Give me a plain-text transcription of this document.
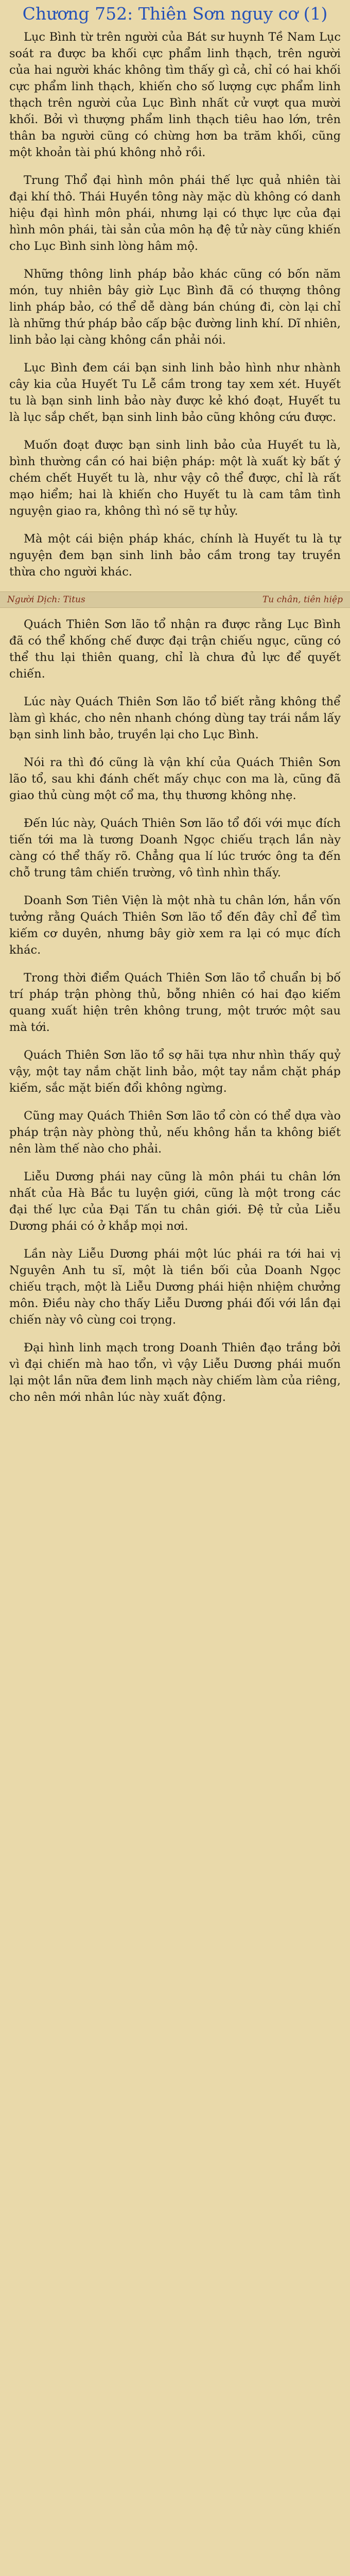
Chương 752: Thiên Sơn nguy cơ (1)

Lục Bình từ trên người của Bát sư huynh Tề Nam Lục soát ra được ba khối cực phẩm linh thạch, trên người của hai người khác không tìm thấy gì cả, chỉ có hai khối cực phẩm linh thạch, khiến cho số lượng cực phẩm linh thạch trên người của Lục Bình nhất cử vượt qua mười khối. Bởi vì thượng phẩm linh thạch tiêu hao lớn, trên thân ba người cũng có chừng hơn ba trăm khối, cũng một khoản tài phú không nhỏ rồi.

Trung Thổ đại hình môn phái thế lực quả nhiên tài đại khí thô. Thái Huyền tông này mặc dù không có danh hiệu đại hình môn phái, nhưng lại có thực lực của đại hình môn phái, tài sản của môn hạ đệ tử này cũng khiến cho Lục Bình sinh lòng hâm mộ.

Những thông linh pháp bảo khác cũng có bốn năm món, tuy nhiên bây giờ Lục Bình đã có thượng thông linh pháp bảo, có thể dễ dàng bán chúng đi, còn lại chỉ là những thứ pháp bảo cấp bậc đường linh khí. Dĩ nhiên, linh bảo lại càng không cần phải nói.

Lục Bình đem cái bạn sinh linh bảo hình như nhành cây kia của Huyết Tu Lễ cầm trong tay xem xét. Huyết tu là bạn sinh linh bảo này được kẻ khó đoạt, Huyết tu là lục sắp chết, bạn sinh linh bảo cũng không cứu được.

Muốn đoạt được bạn sinh linh bảo của Huyết tu là, bình thường cần có hai biện pháp: một là xuất kỳ bất ý chém chết Huyết tu là, như vậy cô thể được, chỉ là rất mạo hiểm; hai là khiến cho Huyết tu là cam tâm tình nguyện giao ra, không thì nó sẽ tự hủy.

Mà một cái biện pháp khác, chính là Huyết tu là tự nguyện đem bạn sinh linh bảo cầm trong tay truyền thừa cho người khác.

Người Dịch: Titus	Tu chân, tiên hiệp

Quách Thiên Sơn lão tổ nhận ra được rằng Lục Bình đã có thể khống chế được đại trận chiếu ngục, cũng có thể thu lại thiên quang, chỉ là chưa đủ lực để quyết chiến.

Lúc này Quách Thiên Sơn lão tổ biết rằng không thể làm gì khác, cho nên nhanh chóng dùng tay trái nắm lấy bạn sinh linh bảo, truyền lại cho Lục Bình.

Nói ra thì đó cũng là vận khí của Quách Thiên Sơn lão tổ, sau khi đánh chết mấy chục con ma là, cũng đã giao thủ cùng một cổ ma, thụ thương không nhẹ.

Đến lúc này, Quách Thiên Sơn lão tổ đối với mục đích tiến tới ma là tương Doanh Ngọc chiếu trạch lần này càng có thể thấy rõ. Chẳng qua lí lúc trước ông ta đến chỗ trung tâm chiến trường, vô tình nhìn thấy.

Doanh Sơn Tiên Viện là một nhà tu chân lớn, hắn vốn tưởng rằng Quách Thiên Sơn lão tổ đến đây chỉ để tìm kiếm cơ duyên, nhưng bây giờ xem ra lại có mục đích khác.

Trong thời điểm Quách Thiên Sơn lão tổ chuẩn bị bố trí pháp trận phòng thủ, bỗng nhiên có hai đạo kiếm quang xuất hiện trên không trung, một trước một sau mà tới.

Quách Thiên Sơn lão tổ sợ hãi tựa như nhìn thấy quỷ vậy, một tay nắm chặt linh bảo, một tay nắm chặt pháp kiếm, sắc mặt biến đổi không ngừng.

Cũng may Quách Thiên Sơn lão tổ còn có thể dựa vào pháp trận này phòng thủ, nếu không hắn ta không biết nên làm thế nào cho phải.

Liễu Dương phái nay cũng là môn phái tu chân lớn nhất của Hà Bắc tu luyện giới, cũng là một trong các đại thế lực của Đại Tấn tu chân giới. Đệ tử của Liễu Dương phái có ở khắp mọi nơi.

Lần này Liễu Dương phái một lúc phái ra tới hai vị Nguyên Anh tu sĩ, một là tiền bối của Doanh Ngọc chiếu trạch, một là Liễu Dương phái hiện nhiệm chưởng môn. Điều này cho thấy Liễu Dương phái đối với lần đại chiến này vô cùng coi trọng.

Đại hình linh mạch trong Doanh Thiên đạo trắng bởi vì đại chiến mà hao tổn, vì vậy Liễu Dương phái muốn lại một lần nữa đem linh mạch này chiếm làm của riêng, cho nên mới nhân lúc này xuất động.
